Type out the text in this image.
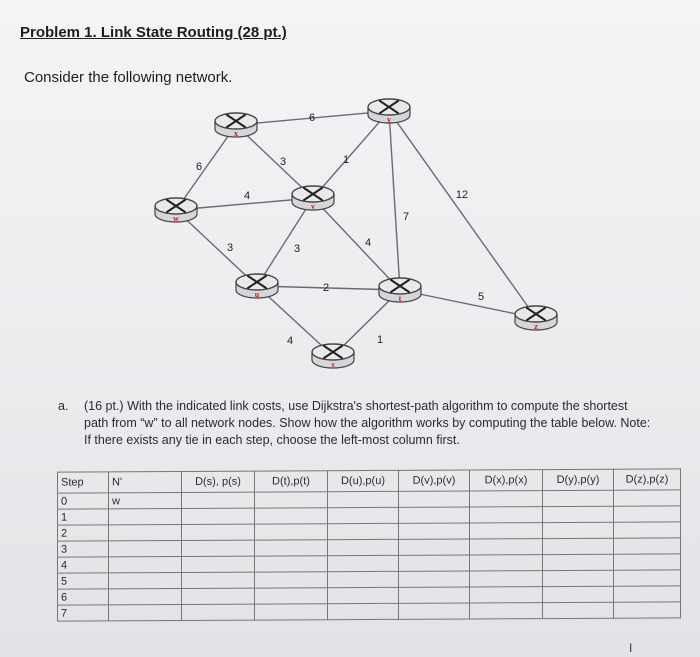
Problem 1. Link State Routing (28 pt.)
Consider the following network.
6
6	3	1
4	12
7
3	3	4
2
5
4	1
x
y
w
v
u	t
s
z
a. (16 pt.) With the indicated link costs, use Dijkstra's shortest-path algorithm to compute the shortest path from “w” to all network nodes. Show how the algorithm works by computing the table below. Note: If there exists any tie in each step, choose the left-most column first.
Step	N'	D(s), p(s)	D(t),p(t)	D(u),p(u)	D(v),p(v)	D(x),p(x)	D(y),p(y)	D(z),p(z)
0	w							
1								
2								
3								
4								
5								
6								
7								
I
